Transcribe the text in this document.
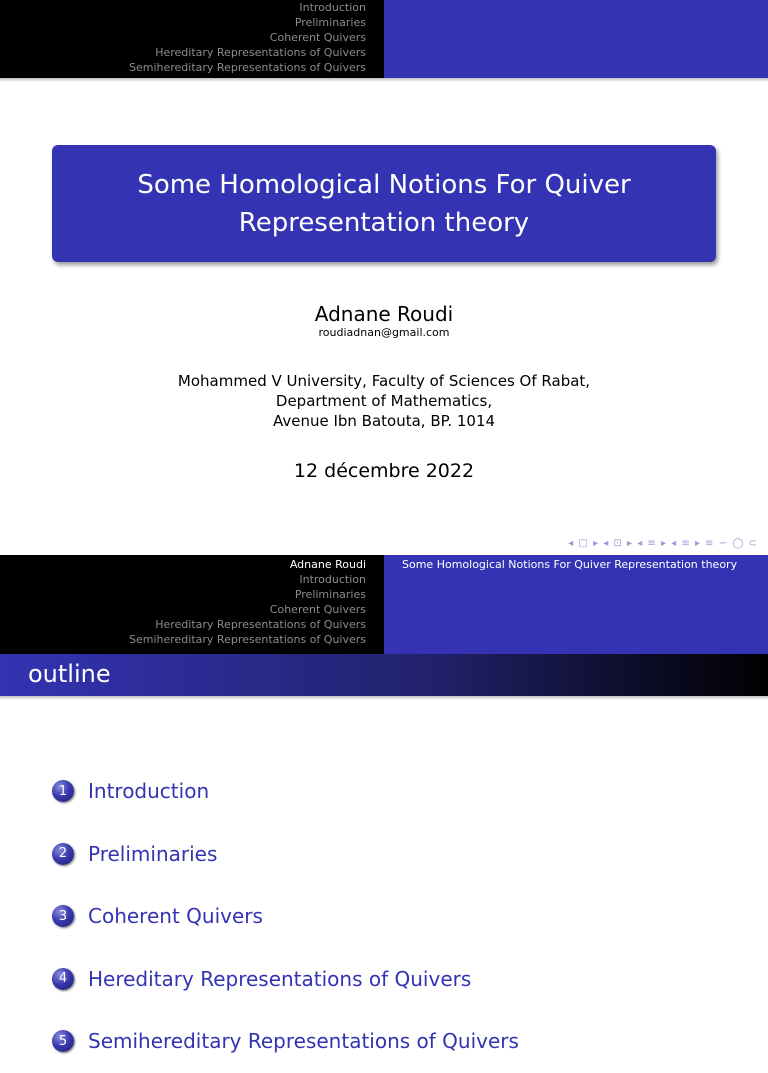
Introduction
Preliminaries
Coherent Quivers
Hereditary Representations of Quivers
Semihereditary Representations of Quivers
Some Homological Notions For Quiver Representation theory
Adnane Roudi
roudiadnan@gmail.com
Mohammed V University, Faculty of Sciences Of Rabat,
Department of Mathematics,
Avenue Ibn Batouta, BP. 1014
12 décembre 2022
◂ □ ▸ ◂ ⊡ ▸ ◂ ≡ ▸ ◂ ≡ ▸ ≡ ∽ ◯ ⊂
Adnane Roudi
Introduction
Preliminaries
Coherent Quivers
Hereditary Representations of Quivers
Semihereditary Representations of Quivers
Some Homological Notions For Quiver Representation theory
outline
1	Introduction
2	Preliminaries
3	Coherent Quivers
4	Hereditary Representations of Quivers
5	Semihereditary Representations of Quivers
